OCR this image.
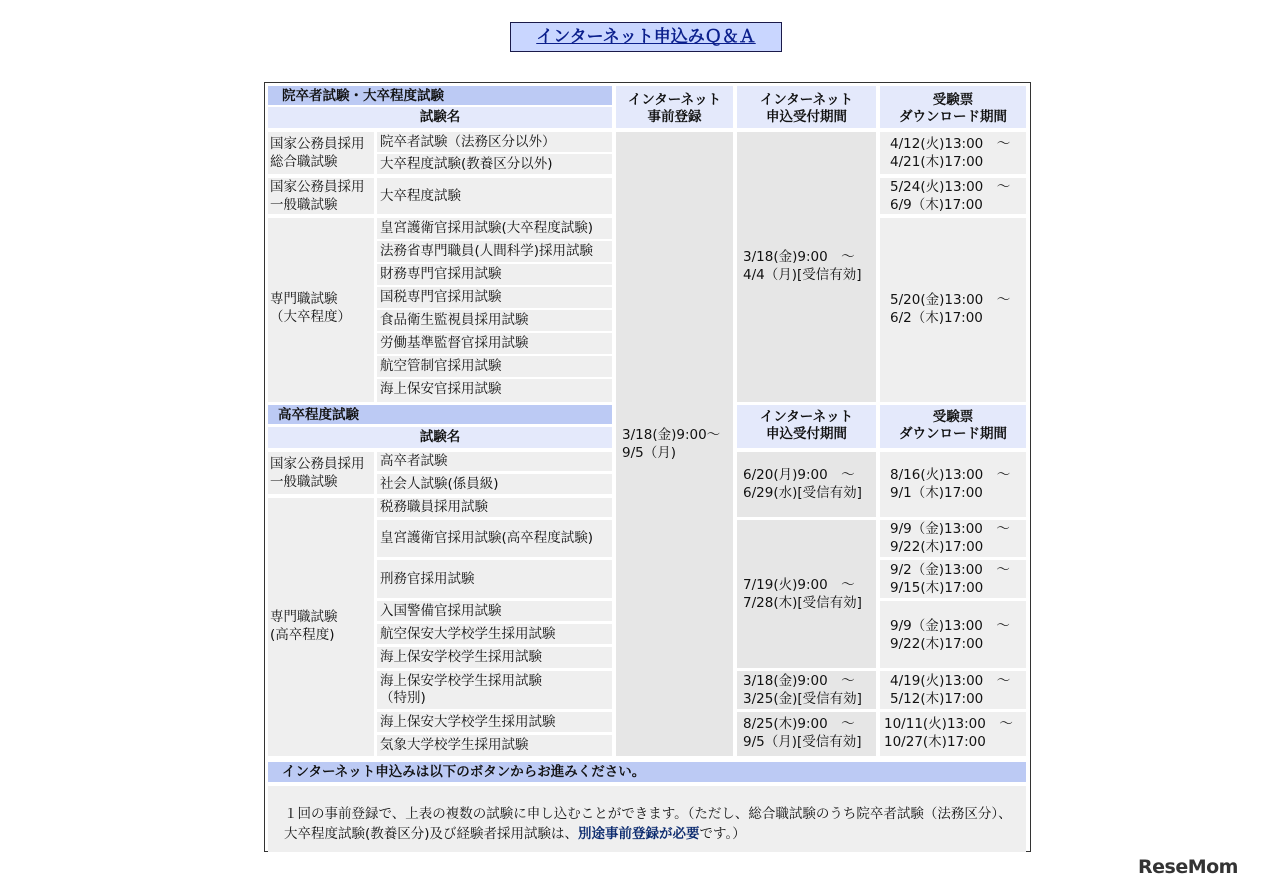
インターネット申込みＱ＆Ａ
院卒者試験・大卒程度試験
試験名
インターネット
事前登録
インターネット
申込受付期間
受験票
ダウンロード期間
国家公務員採用
総合職試験
院卒者試験（法務区分以外）
大卒程度試験(教養区分以外)
国家公務員採用
一般職試験
大卒程度試験
専門職試験
（大卒程度）
皇宮護衛官採用試験(大卒程度試験)
法務省専門職員(人間科学)採用試験
財務専門官採用試験
国税専門官採用試験
食品衛生監視員採用試験
労働基準監督官採用試験
航空管制官採用試験
海上保安官採用試験
3/18(金)9:00～
9/5（月)
3/18(金)9:00　～
4/4（月)[受信有効]
4/12(火)13:00　～
4/21(木)17:00
5/24(火)13:00　～
6/9（木)17:00
5/20(金)13:00　～
6/2（木)17:00
高卒程度試験
試験名
インターネット
申込受付期間
受験票
ダウンロード期間
国家公務員採用
一般職試験
高卒者試験
社会人試験(係員級)
専門職試験
(高卒程度)
税務職員採用試験
皇宮護衛官採用試験(高卒程度試験)
刑務官採用試験
入国警備官採用試験
航空保安大学校学生採用試験
海上保安学校学生採用試験
海上保安学校学生採用試験
（特別)
海上保安大学校学生採用試験
気象大学校学生採用試験
6/20(月)9:00　～
6/29(水)[受信有効]
7/19(火)9:00　～
7/28(木)[受信有効]
3/18(金)9:00　～
3/25(金)[受信有効]
8/25(木)9:00　～
9/5（月)[受信有効]
8/16(火)13:00　～
9/1（木)17:00
9/9（金)13:00　～
9/22(木)17:00
9/2（金)13:00　～
9/15(木)17:00
9/9（金)13:00　～
9/22(木)17:00
4/19(火)13:00　～
5/12(木)17:00
10/11(火)13:00　～
10/27(木)17:00
インターネット申込みは以下のボタンからお進みください。
１回の事前登録で、上表の複数の試験に申し込むことができます。（ただし、総合職試験のうち院卒者試験（法務区分）、大卒程度試験(教養区分)及び経験者採用試験は、別途事前登録が必要です。）
ReseMom
